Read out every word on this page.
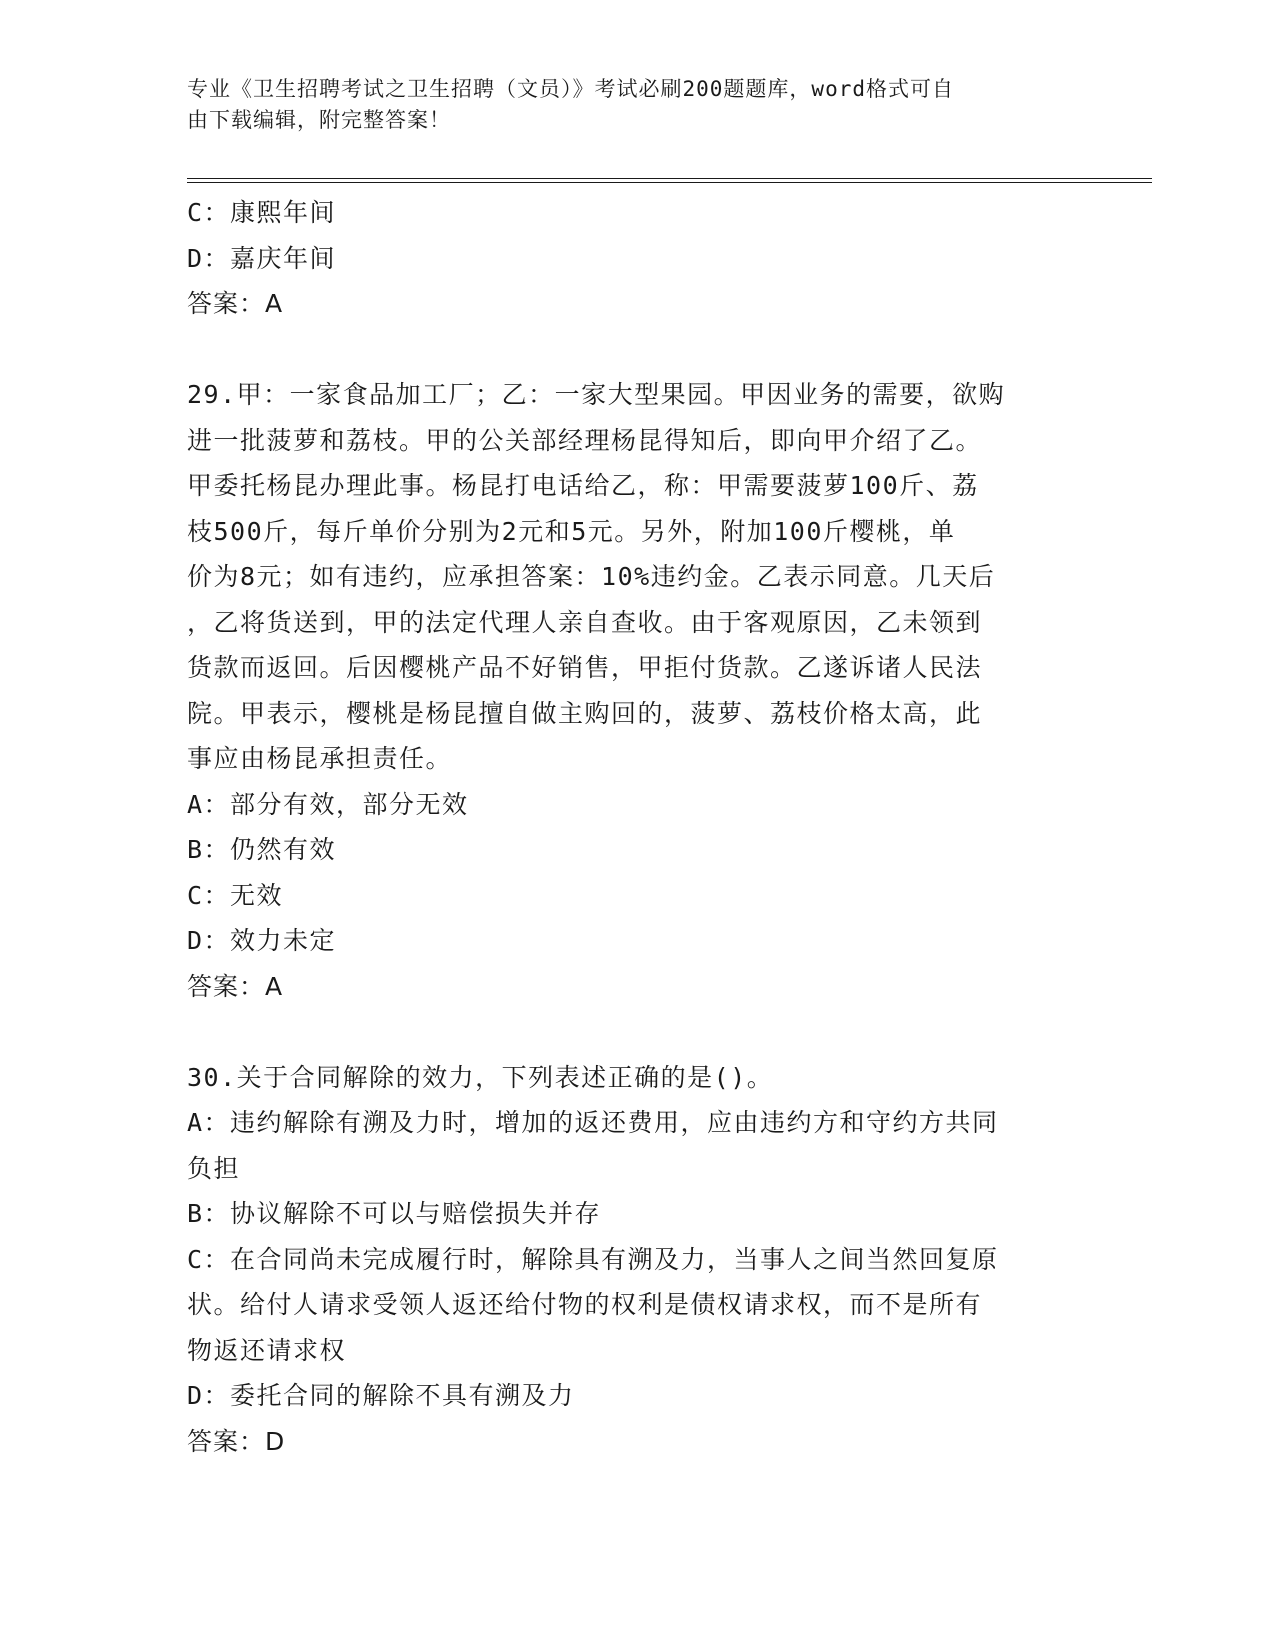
专业《卫生招聘考试之卫生招聘（文员）》考试必刷200题题库，word格式可自
由下载编辑，附完整答案！
C：康熙年间
D：嘉庆年间
答案：A
29.甲：一家食品加工厂；乙：一家大型果园。甲因业务的需要，欲购
进一批菠萝和荔枝。甲的公关部经理杨昆得知后，即向甲介绍了乙。
甲委托杨昆办理此事。杨昆打电话给乙，称：甲需要菠萝100斤、荔
枝500斤，每斤单价分别为2元和5元。另外，附加100斤樱桃，单
价为8元；如有违约，应承担答案：10%违约金。乙表示同意。几天后
，乙将货送到，甲的法定代理人亲自查收。由于客观原因，乙未领到
货款而返回。后因樱桃产品不好销售，甲拒付货款。乙遂诉诸人民法
院。甲表示，樱桃是杨昆擅自做主购回的，菠萝、荔枝价格太高，此
事应由杨昆承担责任。
A：部分有效，部分无效
B：仍然有效
C：无效
D：效力未定
答案：A
30.关于合同解除的效力，下列表述正确的是()。
A：违约解除有溯及力时，增加的返还费用，应由违约方和守约方共同
负担
B：协议解除不可以与赔偿损失并存
C：在合同尚未完成履行时，解除具有溯及力，当事人之间当然回复原
状。给付人请求受领人返还给付物的权利是债权请求权，而不是所有
物返还请求权
D：委托合同的解除不具有溯及力
答案：D
